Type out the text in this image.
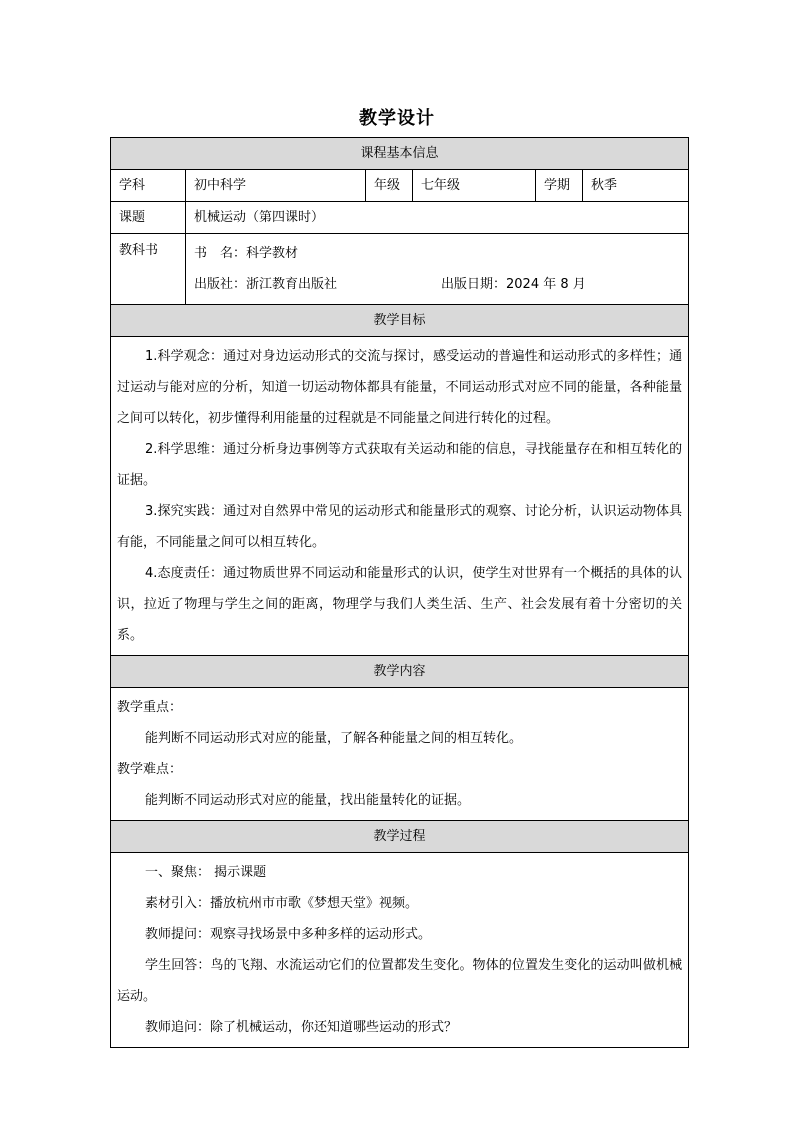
教学设计
课程基本信息					
学科	初中科学	年级	七年级	学期	秋季
课题	机械运动（第四课时）				
教科书	书　名：科学教材
出版社：浙江教育出版社 出版日期：2024 年 8 月				

教学目标					

1.科学观念：通过对身边运动形式的交流与探讨，感受运动的普遍性和运动形式的多样性；通过运动与能对应的分析，知道一切运动物体都具有能量，不同运动形式对应不同的能量，各种能量之间可以转化，初步懂得利用能量的过程就是不同能量之间进行转化的过程。

2.科学思维：通过分析身边事例等方式获取有关运动和能的信息，寻找能量存在和相互转化的证据。

3.探究实践：通过对自然界中常见的运动形式和能量形式的观察、讨论分析，认识运动物体具有能，不同能量之间可以相互转化。

4.态度责任：通过物质世界不同运动和能量形式的认识，使学生对世界有一个概括的具体的认识，拉近了物理与学生之间的距离，物理学与我们人类生活、生产、社会发展有着十分密切的关系。					

教学内容					

教学重点：

能判断不同运动形式对应的能量，了解各种能量之间的相互转化。

教学难点：

能判断不同运动形式对应的能量，找出能量转化的证据。					

教学过程					

一、聚焦： 揭示课题

素材引入：播放杭州市市歌《梦想天堂》视频。

教师提问：观察寻找场景中多种多样的运动形式。

学生回答：鸟的飞翔、水流运动它们的位置都发生变化。物体的位置发生变化的运动叫做机械运动。

教师追问：除了机械运动，你还知道哪些运动的形式？					
